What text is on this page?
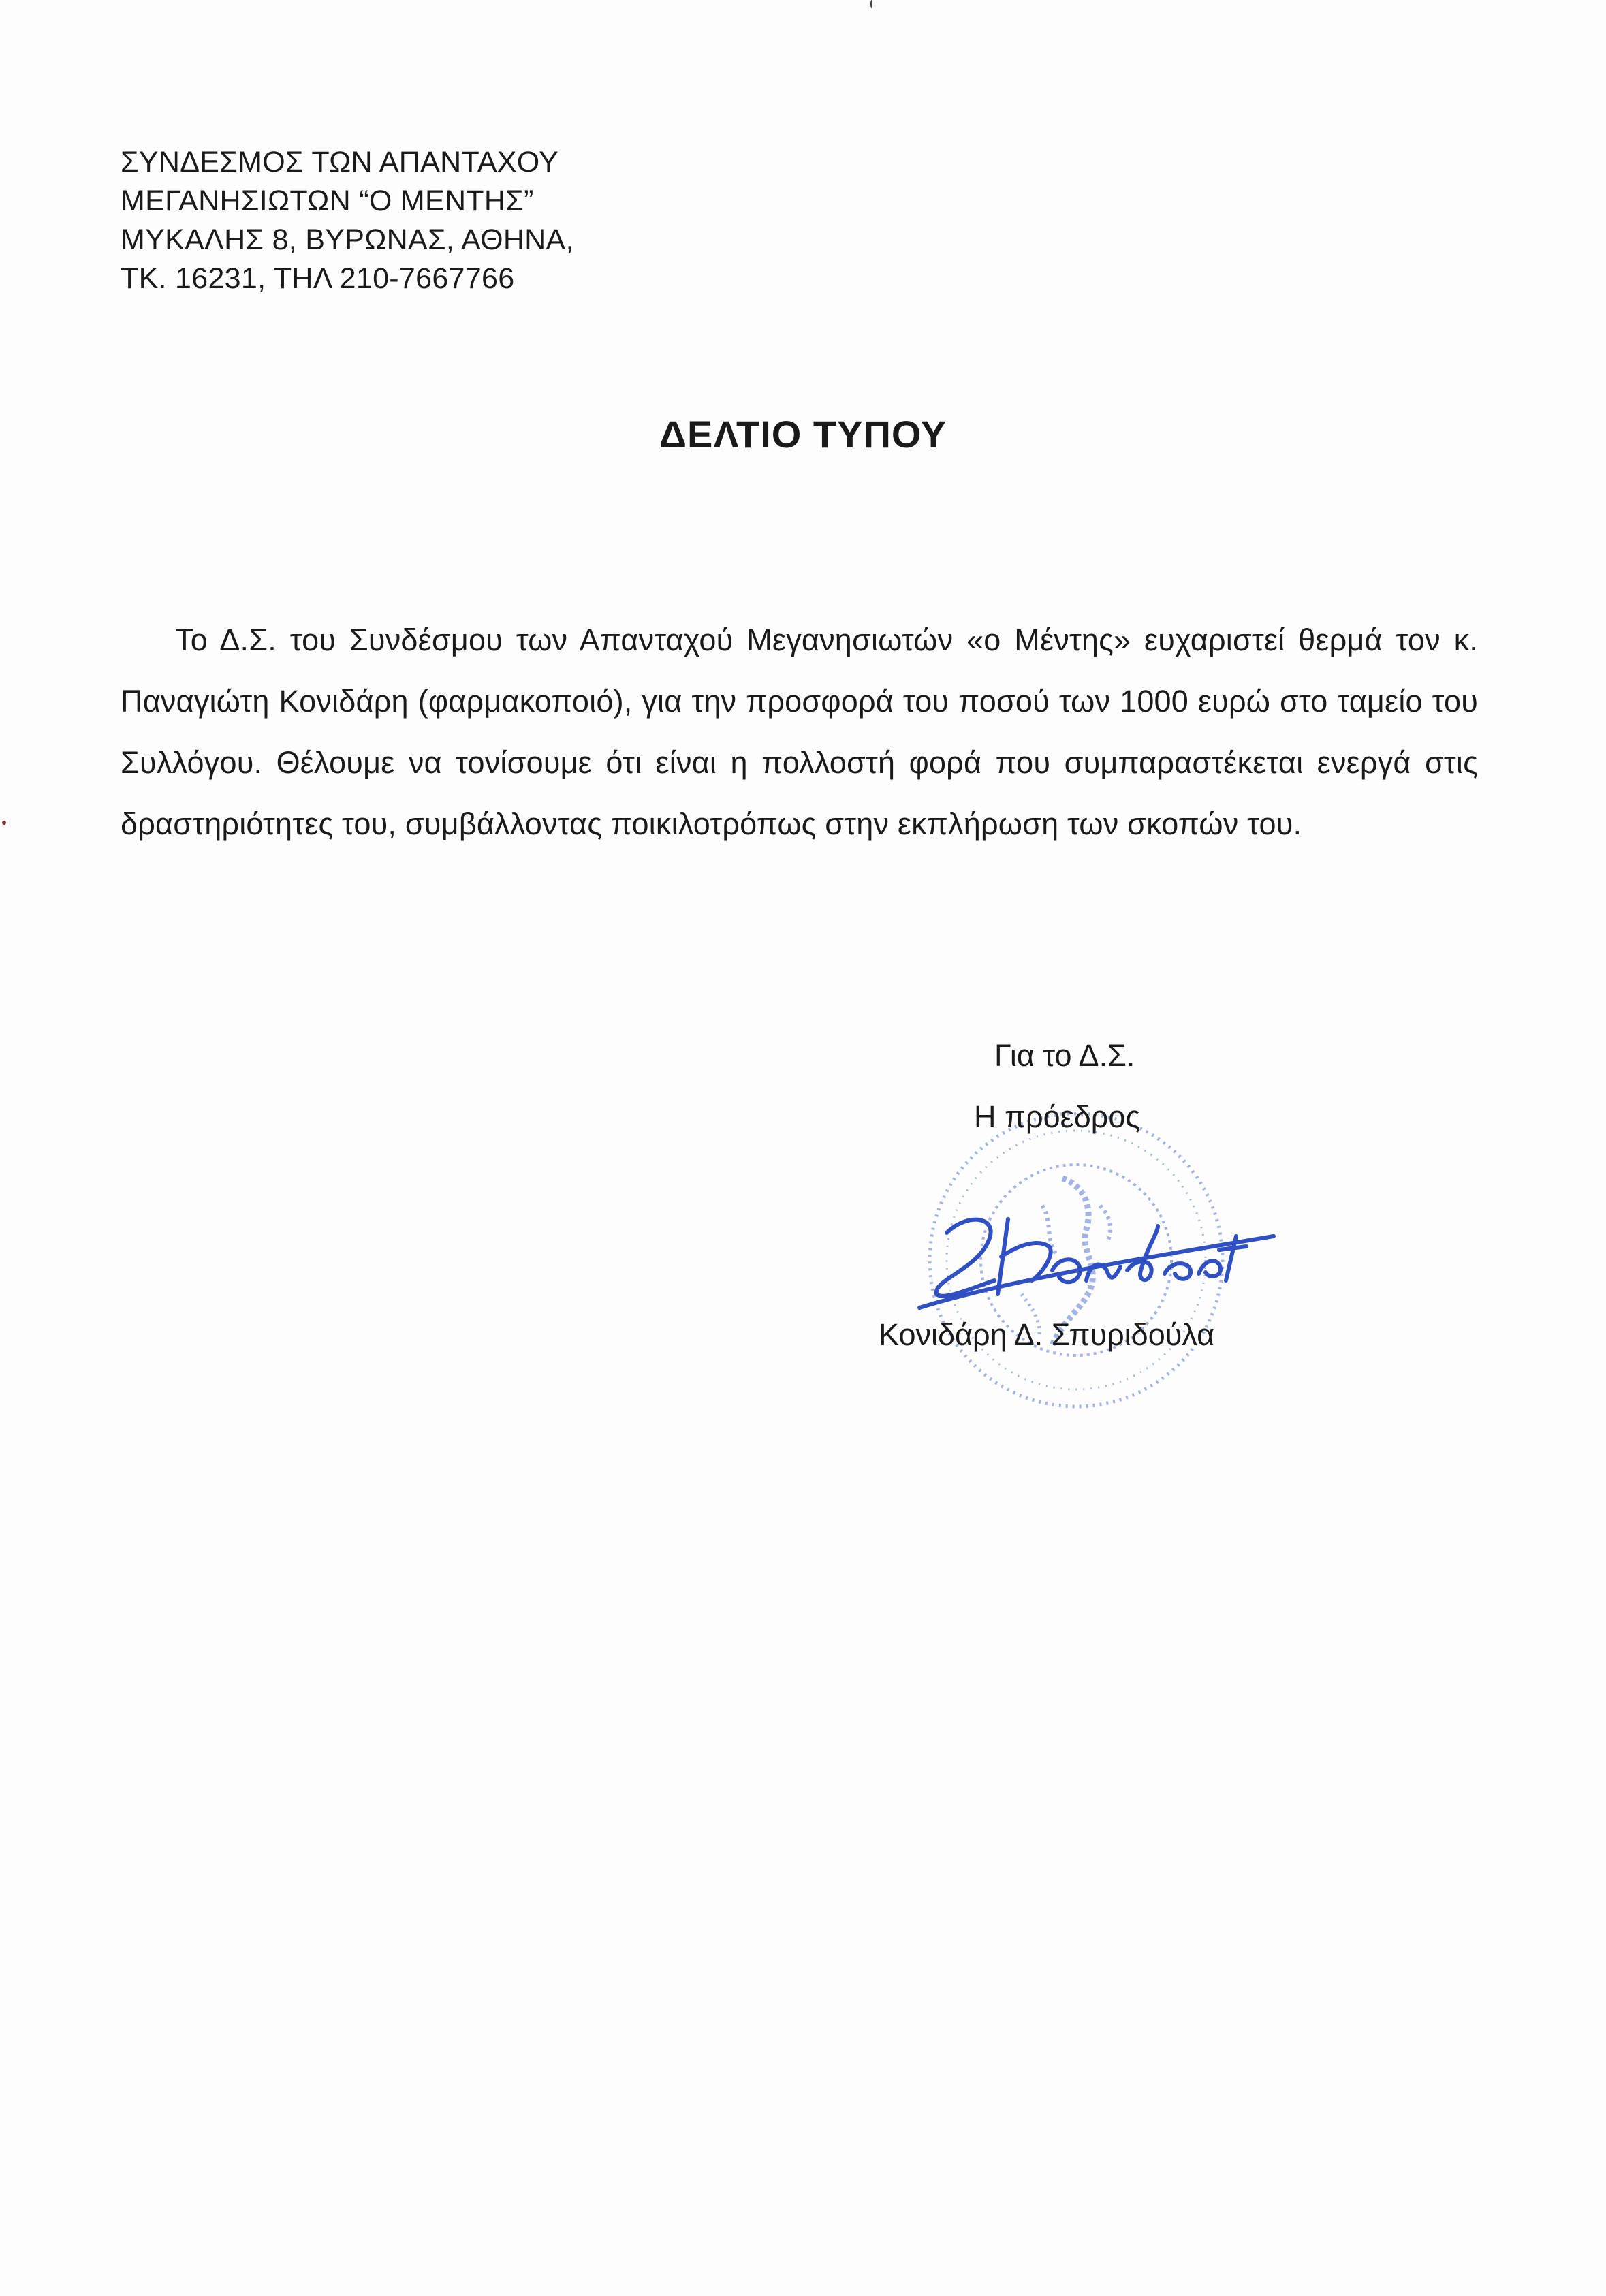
ΣΥΝΔΕΣΜΟΣ ΤΩΝ ΑΠΑΝΤΑΧΟΥ
ΜΕΓΑΝΗΣΙΩΤΩΝ “Ο ΜΕΝΤΗΣ”
ΜΥΚΑΛΗΣ 8, ΒΥΡΩΝΑΣ, ΑΘΗΝΑ,
ΤΚ. 16231, ΤΗΛ 210-7667766
ΔΕΛΤΙΟ ΤΥΠΟΥ
Το Δ.Σ. του Συνδέσμου των Απανταχού Μεγανησιωτών «ο Μέντης» ευχαριστεί θερμά τον κ. Παναγιώτη Κονιδάρη (φαρμακοποιό), για την προσφορά του ποσού των 1000 ευρώ στο ταμείο του Συλλόγου. Θέλουμε να τονίσουμε ότι είναι η πολλοστή φορά που συμπαραστέκεται ενεργά στις δραστηριότητες του, συμβάλλοντας ποικιλοτρόπως στην εκπλήρωση των σκοπών του.
Για το Δ.Σ.
Η πρόεδρος
Κονιδάρη Δ. Σπυριδούλα
